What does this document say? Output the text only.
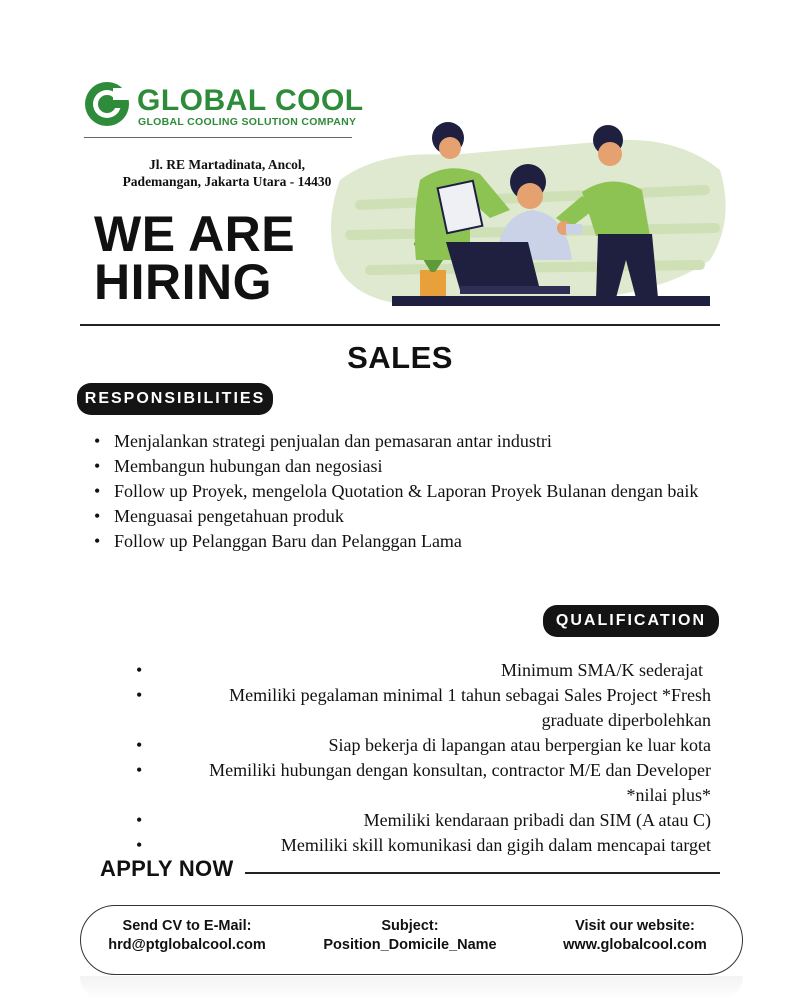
GLOBAL COOL
GLOBAL COOLING SOLUTION COMPANY
Jl. RE Martadinata, Ancol,
Pademangan, Jakarta Utara - 14430
WE ARE
HIRING
SALES
RESPONSIBILITIES
• Menjalankan strategi penjualan dan pemasaran antar industri
• Membangun hubungan dan negosiasi
• Follow up Proyek, mengelola Quotation & Laporan Proyek Bulanan dengan baik
• Menguasai pengetahuan produk
• Follow up Pelanggan Baru dan Pelanggan Lama
QUALIFICATION
• Minimum SMA/K sederajat
• Memiliki pegalaman minimal 1 tahun sebagai Sales Project *Fresh graduate diperbolehkan
• Siap bekerja di lapangan atau berpergian ke luar kota
• Memiliki hubungan dengan konsultan, contractor M/E dan Developer *nilai plus*
• Memiliki kendaraan pribadi dan SIM (A atau C)
• Memiliki skill komunikasi dan gigih dalam mencapai target
APPLY NOW
Send CV to E-Mail:
hrd@ptglobalcool.com
Subject:
Position_Domicile_Name
Visit our website:
www.globalcool.com
